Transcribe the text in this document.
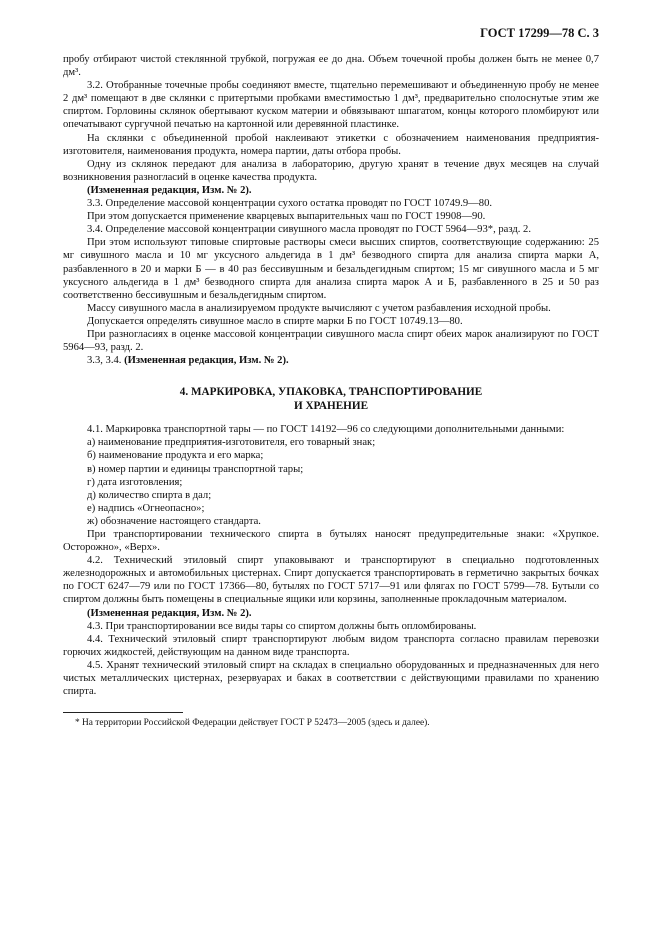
ГОСТ 17299—78 С. 3

пробу отбирают чистой стеклянной трубкой, погружая ее до дна. Объем точечной пробы должен быть не менее 0,7 дм³.

3.2. Отобранные точечные пробы соединяют вместе, тщательно перемешивают и объединенную пробу не менее 2 дм³ помещают в две склянки с притертыми пробками вместимостью 1 дм³, предварительно сполоснутые этим же спиртом. Горловины склянок обертывают куском материи и обвязывают шпагатом, концы которого пломбируют или опечатывают сургучной печатью на картонной или деревянной пластинке.

На склянки с объединенной пробой наклеивают этикетки с обозначением наименования предприятия-изготовителя, наименования продукта, номера партии, даты отбора пробы.

Одну из склянок передают для анализа в лабораторию, другую хранят в течение двух месяцев на случай возникновения разногласий в оценке качества продукта.

(Измененная редакция, Изм. № 2).

3.3. Определение массовой концентрации сухого остатка проводят по ГОСТ 10749.9—80.

При этом допускается применение кварцевых выпарительных чаш по ГОСТ 19908—90.

3.4. Определение массовой концентрации сивушного масла проводят по ГОСТ 5964—93*, разд. 2.

При этом используют типовые спиртовые растворы смеси высших спиртов, соответствующие содержанию: 25 мг сивушного масла и 10 мг уксусного альдегида в 1 дм³ безводного спирта для анализа спирта марки А, разбавленного в 20 и марки Б — в 40 раз бессивушным и безальдегидным спиртом; 15 мг сивушного масла и 5 мг уксусного альдегида в 1 дм³ безводного спирта для анализа спирта марок А и Б, разбавленного в 25 и 50 раз соответственно бессивушным и безальдегидным спиртом.

Массу сивушного масла в анализируемом продукте вычисляют с учетом разбавления исходной пробы.

Допускается определять сивушное масло в спирте марки Б по ГОСТ 10749.13—80.

При разногласиях в оценке массовой концентрации сивушного масла спирт обеих марок анализируют по ГОСТ 5964—93, разд. 2.

3.3, 3.4. (Измененная редакция, Изм. № 2).

4. МАРКИРОВКА, УПАКОВКА, ТРАНСПОРТИРОВАНИЕ
И ХРАНЕНИЕ

4.1. Маркировка транспортной тары — по ГОСТ 14192—96 со следующими дополнительными данными:

а) наименование предприятия-изготовителя, его товарный знак;

б) наименование продукта и его марка;

в) номер партии и единицы транспортной тары;

г) дата изготовления;

д) количество спирта в дал;

е) надпись «Огнеопасно»;

ж) обозначение настоящего стандарта.

При транспортировании технического спирта в бутылях наносят предупредительные знаки: «Хрупкое. Осторожно», «Верх».

4.2. Технический этиловый спирт упаковывают и транспортируют в специально подготовленных железнодорожных и автомобильных цистернах. Спирт допускается транспортировать в герметично закрытых бочках по ГОСТ 6247—79 или по ГОСТ 17366—80, бутылях по ГОСТ 5717—91 или флягах по ГОСТ 5799—78. Бутыли со спиртом должны быть помещены в специальные ящики или корзины, заполненные прокладочным материалом.

(Измененная редакция, Изм. № 2).

4.3. При транспортировании все виды тары со спиртом должны быть опломбированы.

4.4. Технический этиловый спирт транспортируют любым видом транспорта согласно правилам перевозки горючих жидкостей, действующим на данном виде транспорта.

4.5. Хранят технический этиловый спирт на складах в специально оборудованных и предназначенных для него чистых металлических цистернах, резервуарах и баках в соответствии с действующими правилами по хранению спирта.

* На территории Российской Федерации действует ГОСТ Р 52473—2005 (здесь и далее).
